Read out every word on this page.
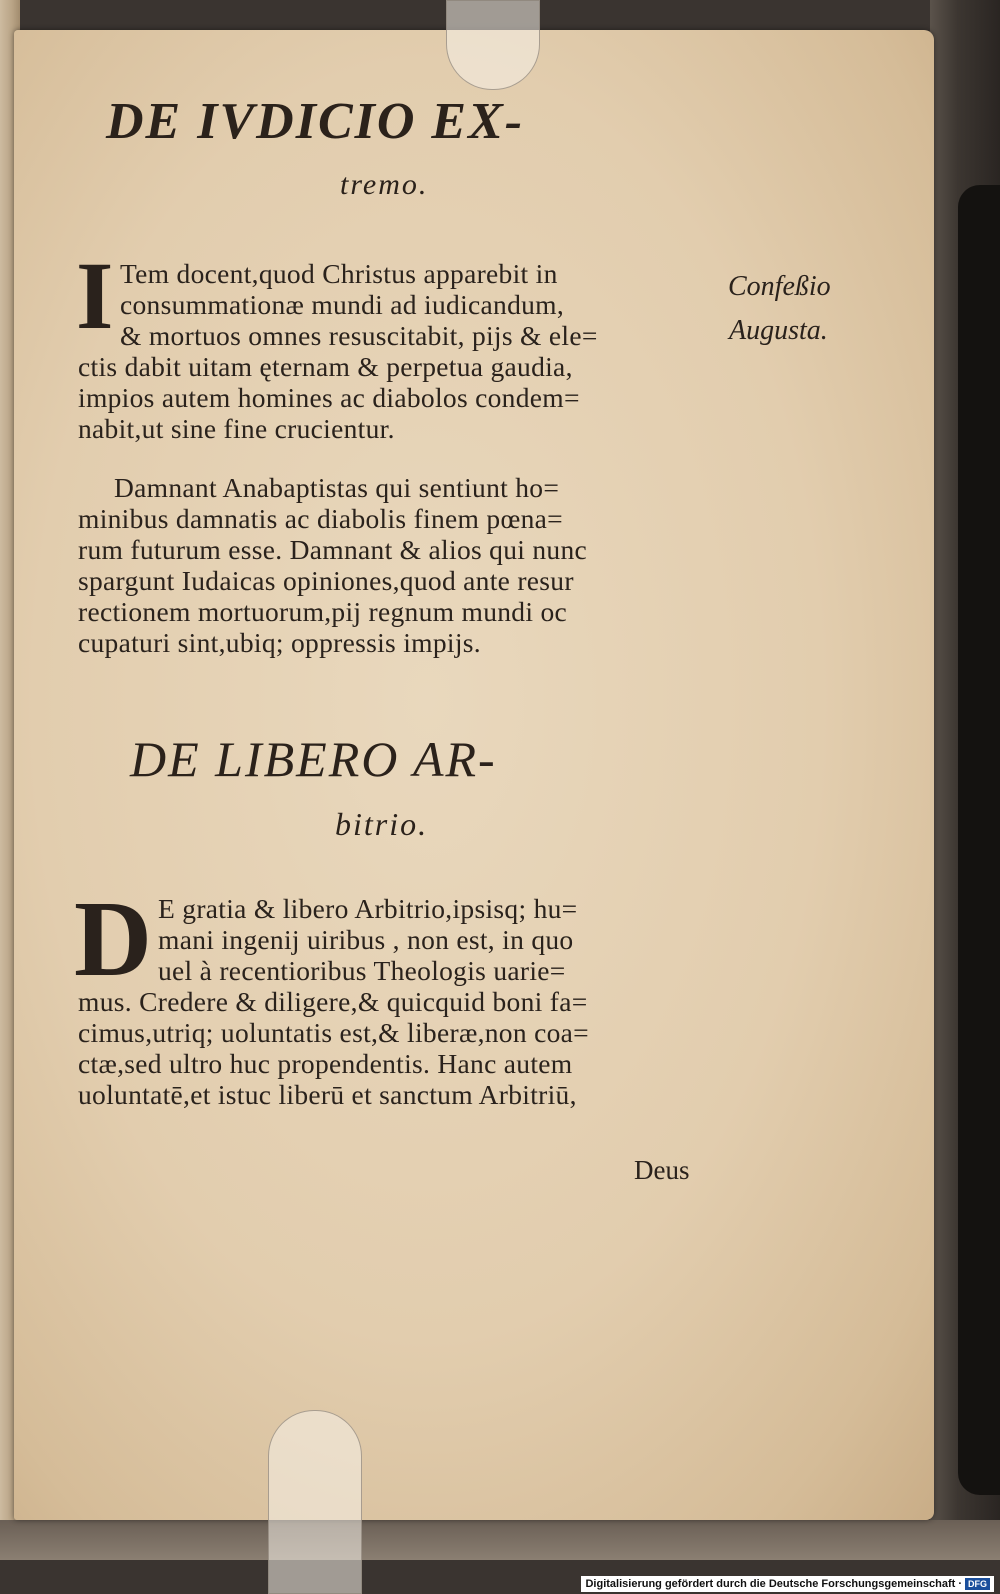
DE IVDICIO EX-
tremo.
Confeßio
Augusta.
I Tem docent,quod Christus apparebit in
consummationæ mundi ad iudicandum,
& mortuos omnes resuscitabit, pijs & ele=
ctis dabit uitam ęternam & perpetua gaudia,
impios autem homines ac diabolos condem=
nabit,ut sine fine crucientur.
Damnant Anabaptistas qui sentiunt ho=
minibus damnatis ac diabolis finem pœna=
rum futurum esse. Damnant & alios qui nunc
spargunt Iudaicas opiniones,quod ante resur
rectionem mortuorum,pij regnum mundi oc
cupaturi sint,ubiq; oppressis impijs.
DE LIBERO AR-
bitrio.
D E gratia & libero Arbitrio,ipsisq; hu=
mani ingenij uiribus , non est, in quo
uel à recentioribus Theologis uarie=
mus. Credere & diligere,& quicquid boni fa=
cimus,utriq; uoluntatis est,& liberæ,non coa=
ctæ,sed ultro huc propendentis. Hanc autem
uoluntatē,et istuc liberū et sanctum Arbitriū,
Deus
Digitalisierung gefördert durch die Deutsche Forschungsgemeinschaft · DFG
